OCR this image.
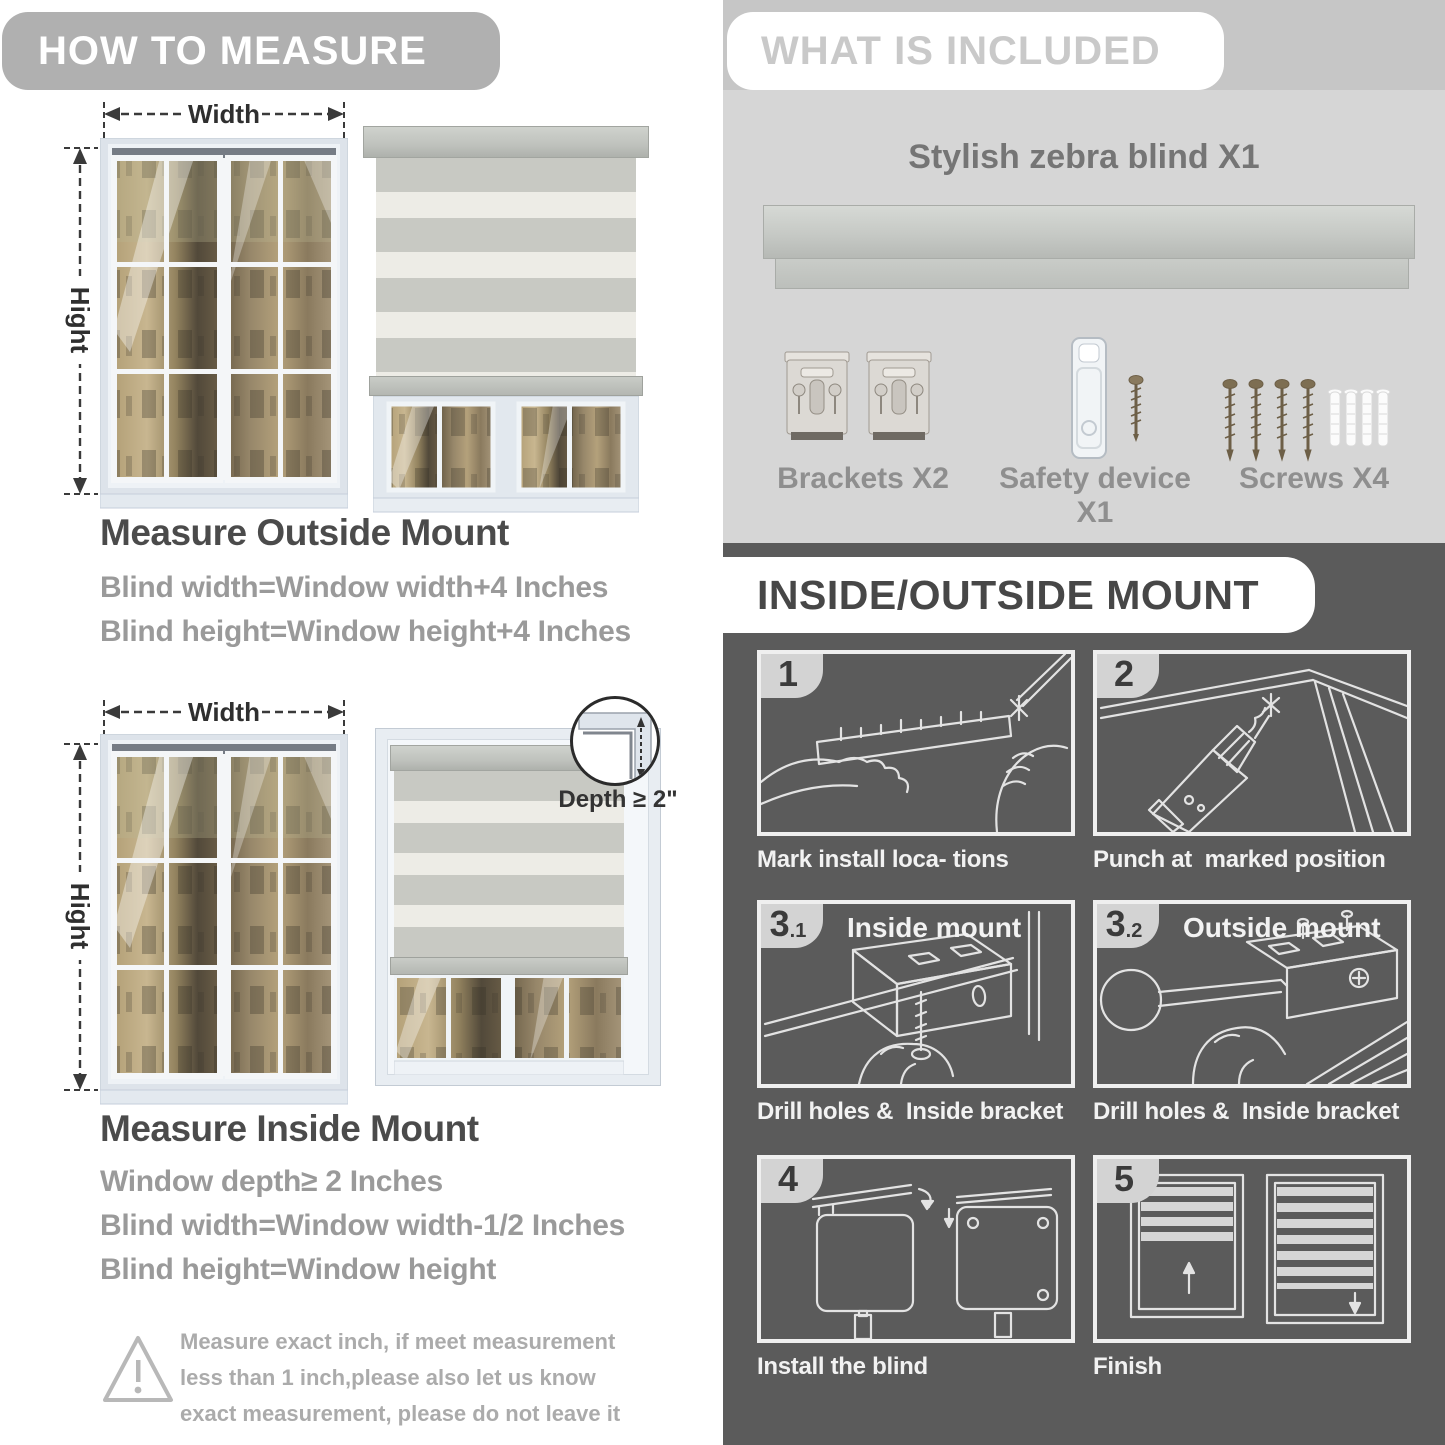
HOW TO MEASURE
Width
Hight
Measure Outside Mount
Blind width=Window width+4 Inches
Blind height=Window height+4 Inches
Width
Hight
Depth ≥ 2"
Measure Inside Mount
Window depth≥ 2 Inches
Blind width=Window width-1/2 Inches
Blind height=Window height
Measure exact inch, if meet measurement less than 1 inch,please also let us know exact measurement, please do not leave it
WHAT IS INCLUDED
Stylish zebra blind X1
Brackets X2	Safety device X1
Screws X4
INSIDE/OUTSIDE MOUNT
1
Mark install loca- tions
2
Punch at  marked position
3 .1 Inside mount
Drill holes &  Inside bracket
3 .2 Outside mount
Drill holes &  Inside bracket
4
Install the blind
5
Finish
